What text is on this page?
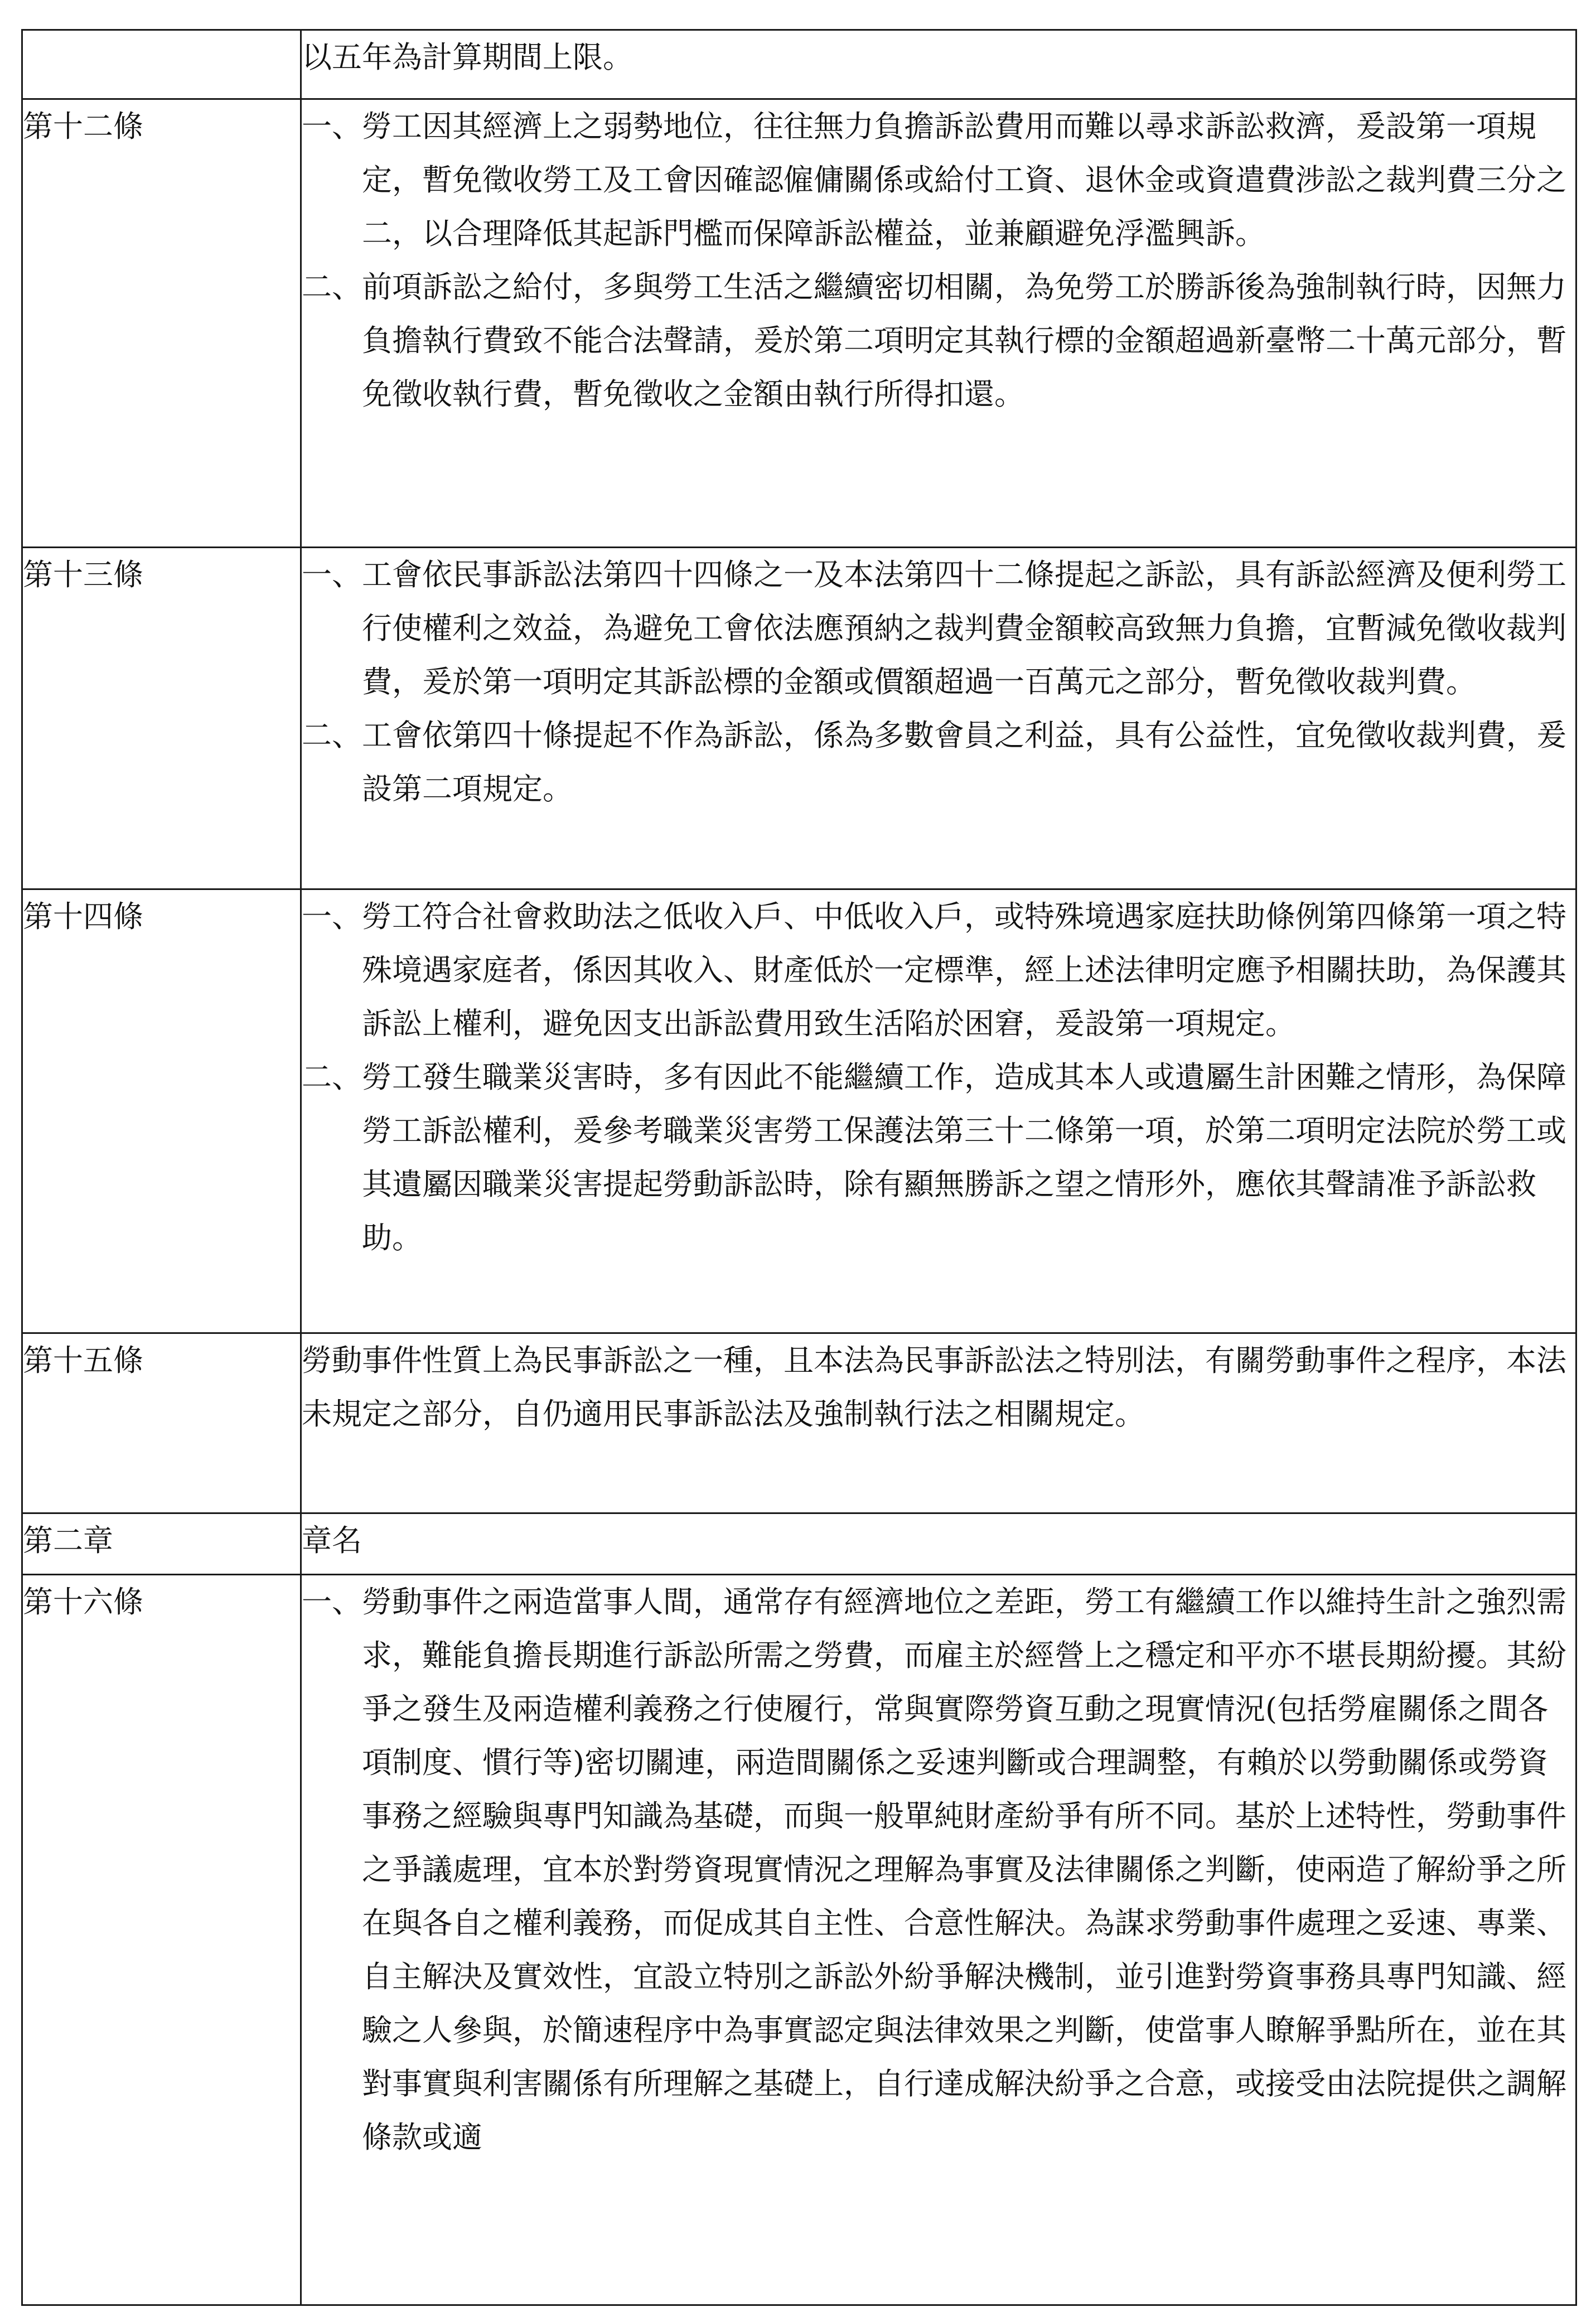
	以五年為計算期間上限。

第十二條	一、 勞工因其經濟上之弱勢地位，往往無力負擔訴訟費用而難以尋求訴訟救濟，爰設第一項規定，暫免徵收勞工及工會因確認僱傭關係或給付工資、退休金或資遣費涉訟之裁判費三分之二，以合理降低其起訴門檻而保障訴訟權益，並兼顧避免浮濫興訴。
二、 前項訴訟之給付，多與勞工生活之繼續密切相關，為免勞工於勝訴後為強制執行時，因無力負擔執行費致不能合法聲請，爰於第二項明定其執行標的金額超過新臺幣二十萬元部分，暫免徵收執行費，暫免徵收之金額由執行所得扣還。

第十三條	一、 工會依民事訴訟法第四十四條之一及本法第四十二條提起之訴訟，具有訴訟經濟及便利勞工行使權利之效益，為避免工會依法應預納之裁判費金額較高致無力負擔，宜暫減免徵收裁判費，爰於第一項明定其訴訟標的金額或價額超過一百萬元之部分，暫免徵收裁判費。
二、 工會依第四十條提起不作為訴訟，係為多數會員之利益，具有公益性，宜免徵收裁判費，爰設第二項規定。

第十四條	一、 勞工符合社會救助法之低收入戶、中低收入戶，或特殊境遇家庭扶助條例第四條第一項之特殊境遇家庭者，係因其收入、財產低於一定標準，經上述法律明定應予相關扶助，為保護其訴訟上權利，避免因支出訴訟費用致生活陷於困窘，爰設第一項規定。
二、 勞工發生職業災害時，多有因此不能繼續工作，造成其本人或遺屬生計困難之情形，為保障勞工訴訟權利，爰參考職業災害勞工保護法第三十二條第一項，於第二項明定法院於勞工或其遺屬因職業災害提起勞動訴訟時，除有顯無勝訴之望之情形外，應依其聲請准予訴訟救助。

第十五條	勞動事件性質上為民事訴訟之一種，且本法為民事訴訟法之特別法，有關勞動事件之程序，本法未規定之部分，自仍適用民事訴訟法及強制執行法之相關規定。

第二章	章名

第十六條	一、 勞動事件之兩造當事人間，通常存有經濟地位之差距，勞工有繼續工作以維持生計之強烈需求，難能負擔長期進行訴訟所需之勞費，而雇主於經營上之穩定和平亦不堪長期紛擾。其紛爭之發生及兩造權利義務之行使履行，常與實際勞資互動之現實情況(包括勞雇關係之間各項制度、慣行等)密切關連，兩造間關係之妥速判斷或合理調整，有賴於以勞動關係或勞資事務之經驗與專門知識為基礎，而與一般單純財產紛爭有所不同。基於上述特性，勞動事件之爭議處理，宜本於對勞資現實情況之理解為事實及法律關係之判斷，使兩造了解紛爭之所在與各自之權利義務，而促成其自主性、合意性解決。為謀求勞動事件處理之妥速、專業、自主解決及實效性，宜設立特別之訴訟外紛爭解決機制，並引進對勞資事務具專門知識、經驗之人參與，於簡速程序中為事實認定與法律效果之判斷，使當事人瞭解爭點所在，並在其對事實與利害關係有所理解之基礎上，自行達成解決紛爭之合意，或接受由法院提供之調解條款或適
